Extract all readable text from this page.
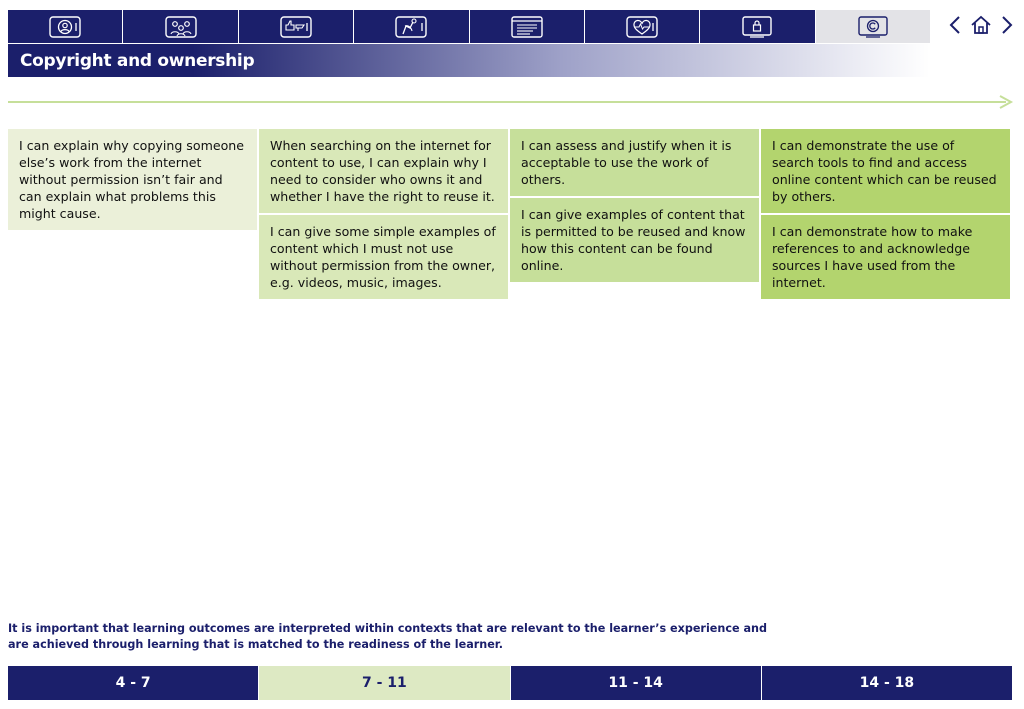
Copyright and ownership
I can explain why copying someone else’s work from the internet without permission isn’t fair and can explain what problems this might cause.
When searching on the internet for content to use, I can explain why I need to consider who owns it and whether I have the right to reuse it.
I can give some simple examples of content which I must not use without permission from the owner, e.g. videos, music, images.
I can assess and justify when it is acceptable to use the work of others.
I can give examples of content that is permitted to be reused and know how this content can be found online.
I can demonstrate the use of search tools to find and access online content which can be reused by others.
I can demonstrate how to make references to and acknowledge sources I have used from the internet.
It is important that learning outcomes are interpreted within contexts that are relevant to the learner’s experience and are achieved through learning that is matched to the readiness of the learner.
4 - 7	7 - 11	11 - 14	14 - 18
